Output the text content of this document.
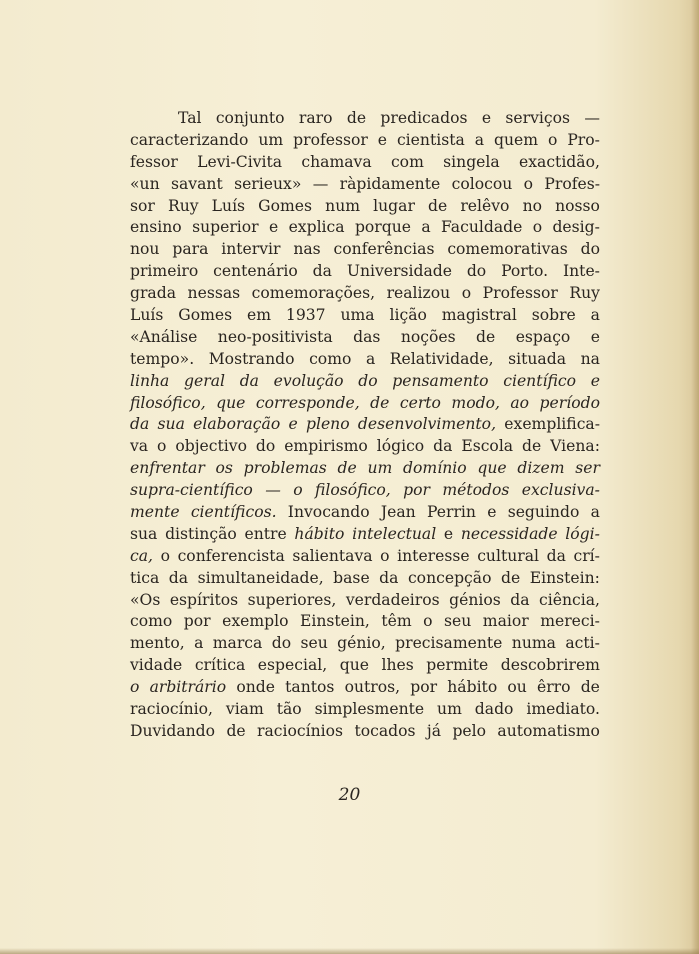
Tal conjunto raro de predicados e serviços —
caracterizando um professor e cientista a quem o Pro-
fessor Levi-Civita chamava com singela exactidão,
«un savant serieux» — ràpidamente colocou o Profes-
sor Ruy Luís Gomes num lugar de relêvo no nosso
ensino superior e explica porque a Faculdade o desig-
nou para intervir nas conferências comemorativas do
primeiro centenário da Universidade do Porto. Inte-
grada nessas comemorações, realizou o Professor Ruy
Luís Gomes em 1937 uma lição magistral sobre a
«Análise neo-positivista das noções de espaço e
tempo». Mostrando como a Relatividade, situada na
linha geral da evolução do pensamento científico e
filosófico, que corresponde, de certo modo, ao período
da sua elaboração e pleno desenvolvimento, exemplifica-
va o objectivo do empirismo lógico da Escola de Viena:
enfrentar os problemas de um domínio que dizem ser
supra-científico — o filosófico, por métodos exclusiva-
mente científicos. Invocando Jean Perrin e seguindo a
sua distinção entre hábito intelectual e necessidade lógi-
ca, o conferencista salientava o interesse cultural da crí-
tica da simultaneidade, base da concepção de Einstein:
«Os espíritos superiores, verdadeiros génios da ciência,
como por exemplo Einstein, têm o seu maior mereci-
mento, a marca do seu génio, precisamente numa acti-
vidade crítica especial, que lhes permite descobrirem
o arbitrário onde tantos outros, por hábito ou êrro de
raciocínio, viam tão simplesmente um dado imediato.
Duvidando de raciocínios tocados já pelo automatismo
20
